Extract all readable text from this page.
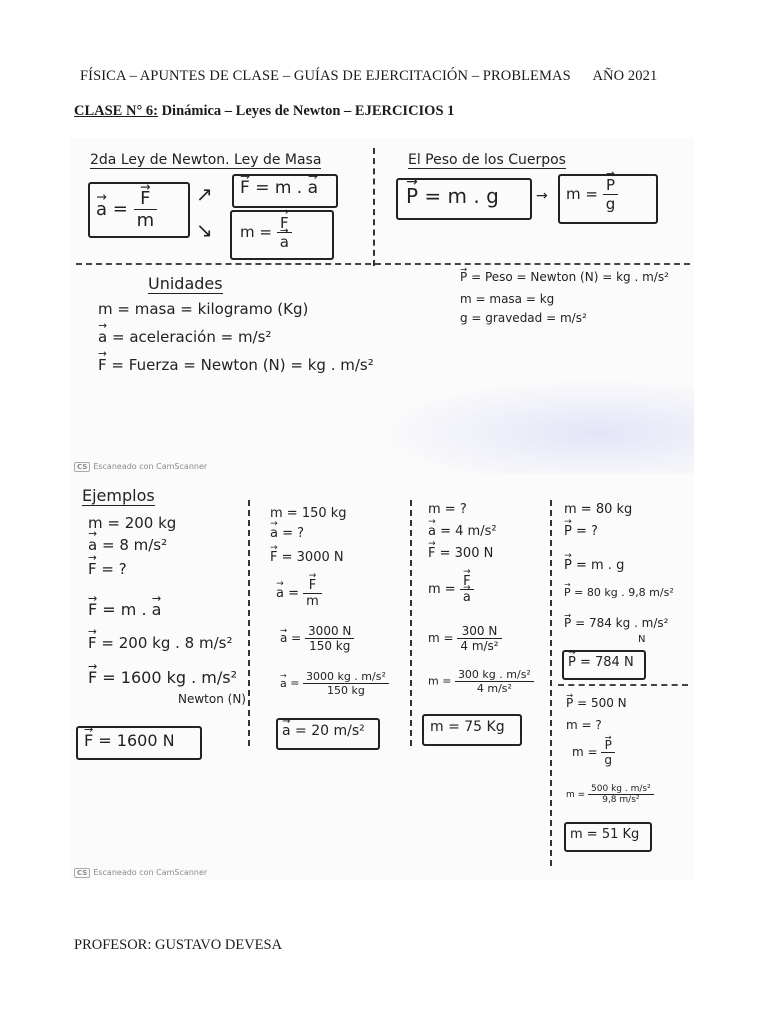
FÍSICA – APUNTES DE CLASE – GUÍAS DE EJERCITACIÓN – PROBLEMAS AÑO 2021
CLASE N° 6: Dinámica – Leyes de Newton – EJERCICIOS 1
2da Ley de Newton. Ley de Masa	El Peso de los Cuerpos
→ a = → $\frac{F}{m}$ ↗
↘
→ F = m . → a
m = → F
→ a
→ P = m . g	→ m = → $\frac{P}{g}$
Unidades
m = masa = kilogramo (Kg)
→ a = aceleración = m/s²
→ F = Fuerza = Newton (N) = kg . m/s²
→ P = Peso = Newton (N) = kg . m/s²
m = masa = kg
g = gravedad = m/s²
CS Escaneado con CamScanner
Ejemplos
m = 200 kg
→ a = 8 m/s²
→ F = ?
→ F = m . → a
→ F = 200 kg . 8 m/s²
→ F = 1600 kg . m/s²
Newton (N)
→ F = 1600 N
m = 150 kg
→ a = ?
→ F = 3000 N
→ a = → $\frac{F}{m}$
→ $a = \frac{3000 N}{150 kg}$
→ $a = \frac{\text{3000 kg . m/s²}}{150 kg}$
→ a = 20 m/s²
m = ?
→ a = 4 m/s²
→ F = 300 N
m = → F
→ a
$m = \frac{300 N}{\text{4 m/s²}}$
$m = \frac{\text{300 kg . m/s²}}{\text{4 m/s²}}$
m = 75 Kg
m = 80 kg
→ P = ?
→ P = m . g
→ P = 80 kg . 9,8 m/s²
→ P = 784 kg . m/s²
N
→ P = 784 N
→ P = 500 N
m = ?
m = → $\frac{P}{g}$
$m = \frac{\text{500 kg . m/s²}}{\text{9,8 m/s²}}$
m = 51 Kg
CS Escaneado con CamScanner
PROFESOR: GUSTAVO DEVESA
